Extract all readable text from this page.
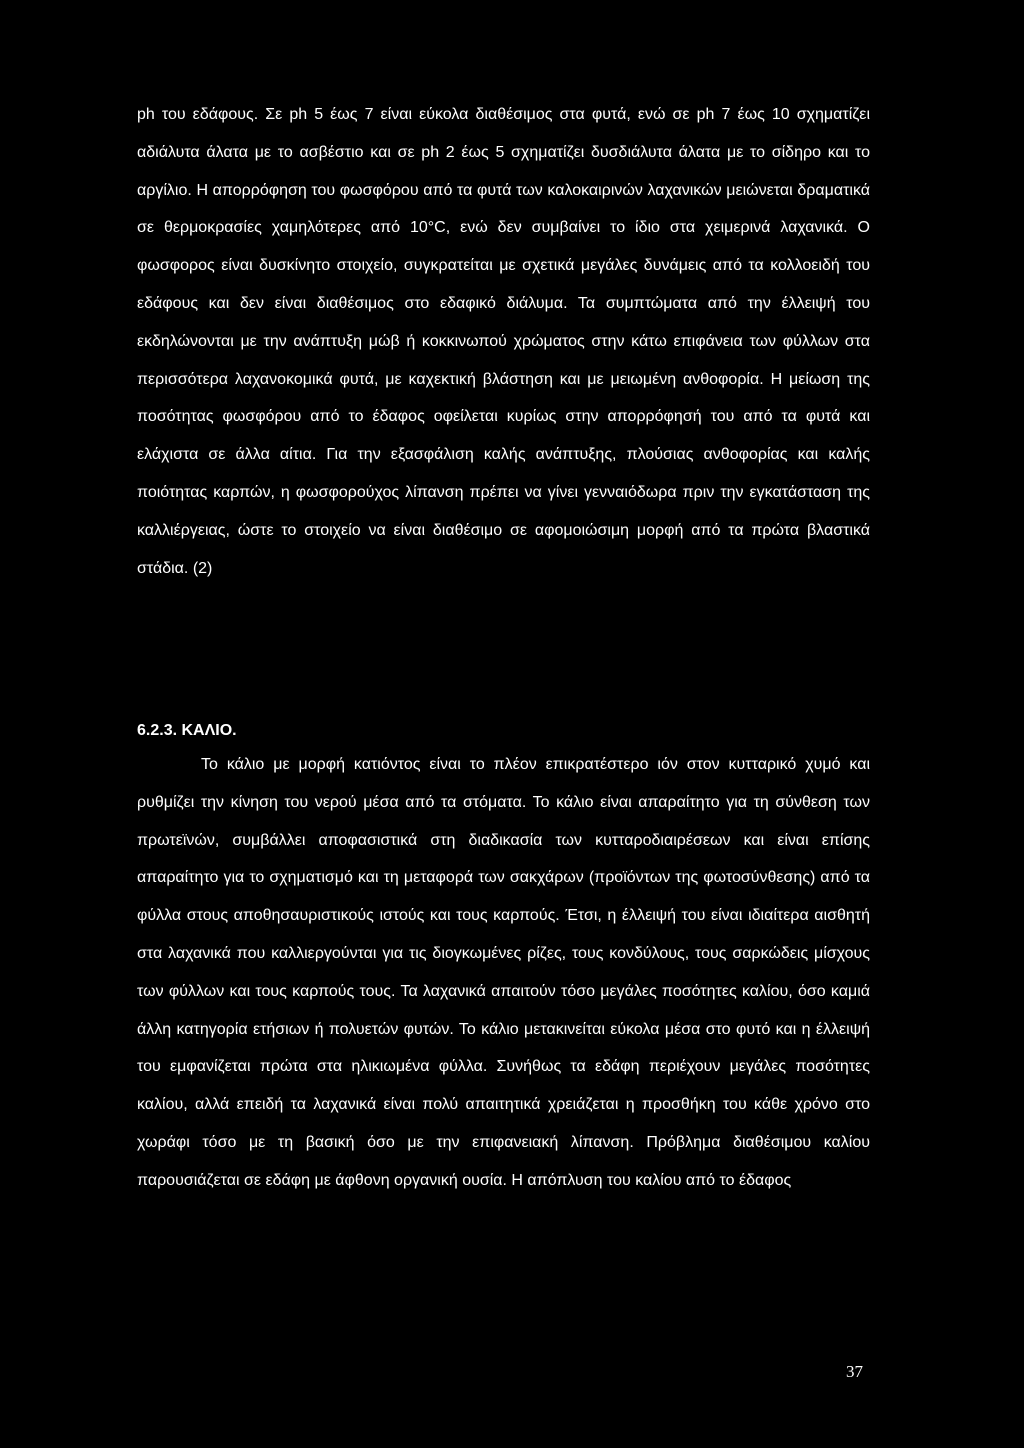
ph του εδάφους. Σε ph 5 έως 7 είναι εύκολα διαθέσιμος στα φυτά, ενώ σε ph 7 έως 10 σχηματίζει αδιάλυτα άλατα με το ασβέστιο και σε ph 2 έως 5 σχηματίζει δυσδιάλυτα άλατα με το σίδηρο και το αργίλιο. Η απορρόφηση του φωσφόρου από τα φυτά των καλοκαιρινών λαχανικών μειώνεται δραματικά σε θερμοκρασίες χαμηλότερες από 10°C, ενώ δεν συμβαίνει το ίδιο στα χειμερινά λαχανικά. Ο φωσφορος είναι δυσκίνητο στοιχείο, συγκρατείται με σχετικά μεγάλες δυνάμεις από τα κολλοειδή του εδάφους και δεν είναι διαθέσιμος στο εδαφικό διάλυμα. Τα συμπτώματα από την έλλειψή του εκδηλώνονται με την ανάπτυξη μώβ ή κοκκινωπού χρώματος στην κάτω επιφάνεια των φύλλων στα περισσότερα λαχανοκομικά φυτά, με καχεκτική βλάστηση και με μειωμένη ανθοφορία. Η μείωση της ποσότητας φωσφόρου από το έδαφος οφείλεται κυρίως στην απορρόφησή του από τα φυτά και ελάχιστα σε άλλα αίτια. Για την εξασφάλιση καλής ανάπτυξης, πλούσιας ανθοφορίας και καλής ποιότητας καρπών, η φωσφορούχος λίπανση πρέπει να γίνει γενναιόδωρα πριν την εγκατάσταση της καλλιέργειας, ώστε το στοιχείο να είναι διαθέσιμο σε αφομοιώσιμη μορφή από τα πρώτα βλαστικά στάδια. (2)

6.2.3. ΚΑΛΙΟ.

Το κάλιο με μορφή κατιόντος είναι το πλέον επικρατέστερο ιόν στον κυτταρικό χυμό και ρυθμίζει την κίνηση του νερού μέσα από τα στόματα. Το κάλιο είναι απαραίτητο για τη σύνθεση των πρωτεϊνών, συμβάλλει αποφασιστικά στη διαδικασία των κυτταροδιαιρέσεων και είναι επίσης απαραίτητο για το σχηματισμό και τη μεταφορά των σακχάρων (προϊόντων της φωτοσύνθεσης) από τα φύλλα στους αποθησαυριστικούς ιστούς και τους καρπούς. Έτσι, η έλλειψή του είναι ιδιαίτερα αισθητή στα λαχανικά που καλλιεργούνται για τις διογκωμένες ρίζες, τους κονδύλους, τους σαρκώδεις μίσχους των φύλλων και τους καρπούς τους. Τα λαχανικά απαιτούν τόσο μεγάλες ποσότητες καλίου, όσο καμιά άλλη κατηγορία ετήσιων ή πολυετών φυτών. Το κάλιο μετακινείται εύκολα μέσα στο φυτό και η έλλειψή του εμφανίζεται πρώτα στα ηλικιωμένα φύλλα. Συνήθως τα εδάφη περιέχουν μεγάλες ποσότητες καλίου, αλλά επειδή τα λαχανικά είναι πολύ απαιτητικά χρειάζεται η προσθήκη του κάθε χρόνο στο χωράφι τόσο με τη βασική όσο με την επιφανειακή λίπανση. Πρόβλημα διαθέσιμου καλίου παρουσιάζεται σε εδάφη με άφθονη οργανική ουσία. Η απόπλυση του καλίου από το έδαφος

37
